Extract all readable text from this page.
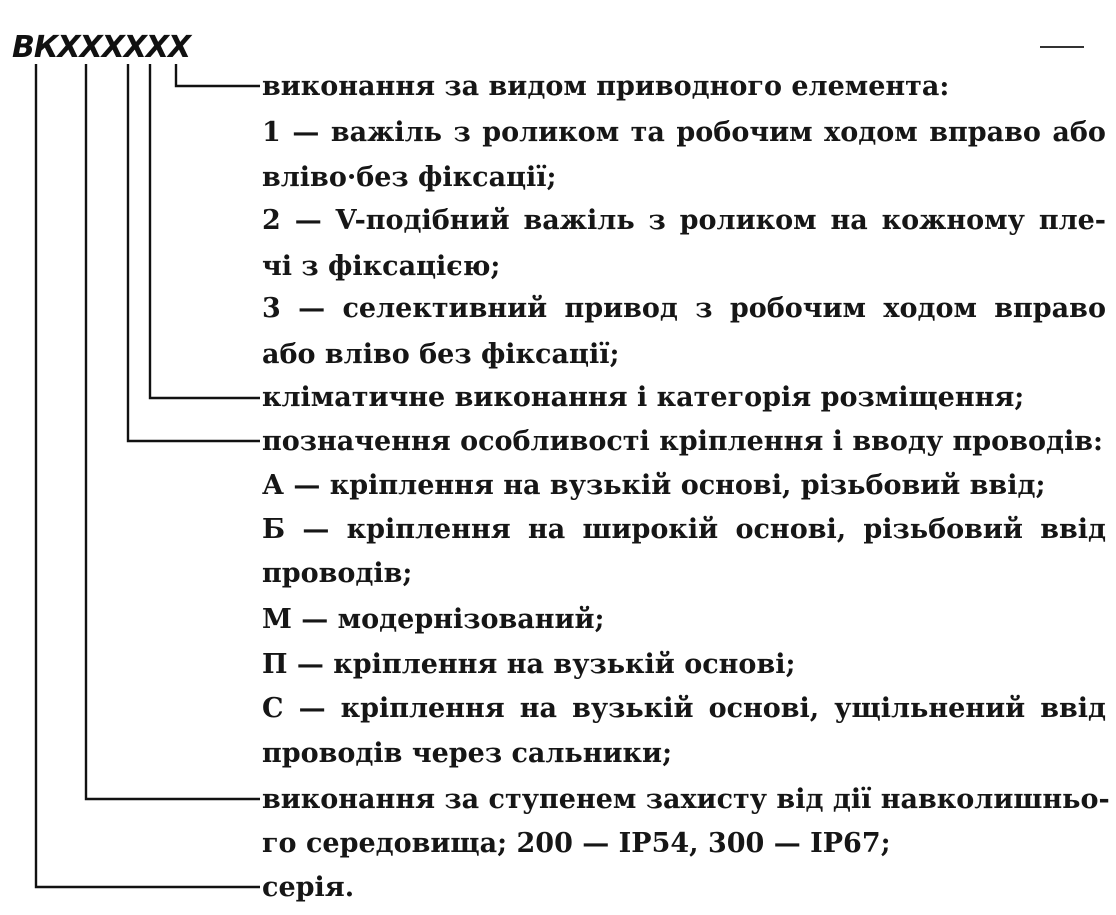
ВКХХХХХХ
виконання за видом приводного елемента:
1 — важіль з роликом та робочим ходом вправо або
вліво·без фіксації;
2 — V-подібний важіль з роликом на кожному пле-
чі з фіксацією;
3 — селективний привод з робочим ходом вправо
або вліво без фіксації;
кліматичне виконання і категорія розміщення;
позначення особливості кріплення і вводу проводів:
А — кріплення на вузькій основі, різьбовий ввід;
Б — кріплення на широкій основі, різьбовий ввід
проводів;
М — модернізований;
П — кріплення на вузькій основі;
С — кріплення на вузькій основі, ущільнений ввід
проводів через сальники;
виконання за ступенем захисту від дії навколишньо-
го середовища; 200 — IP54, 300 — IP67;
серія.
